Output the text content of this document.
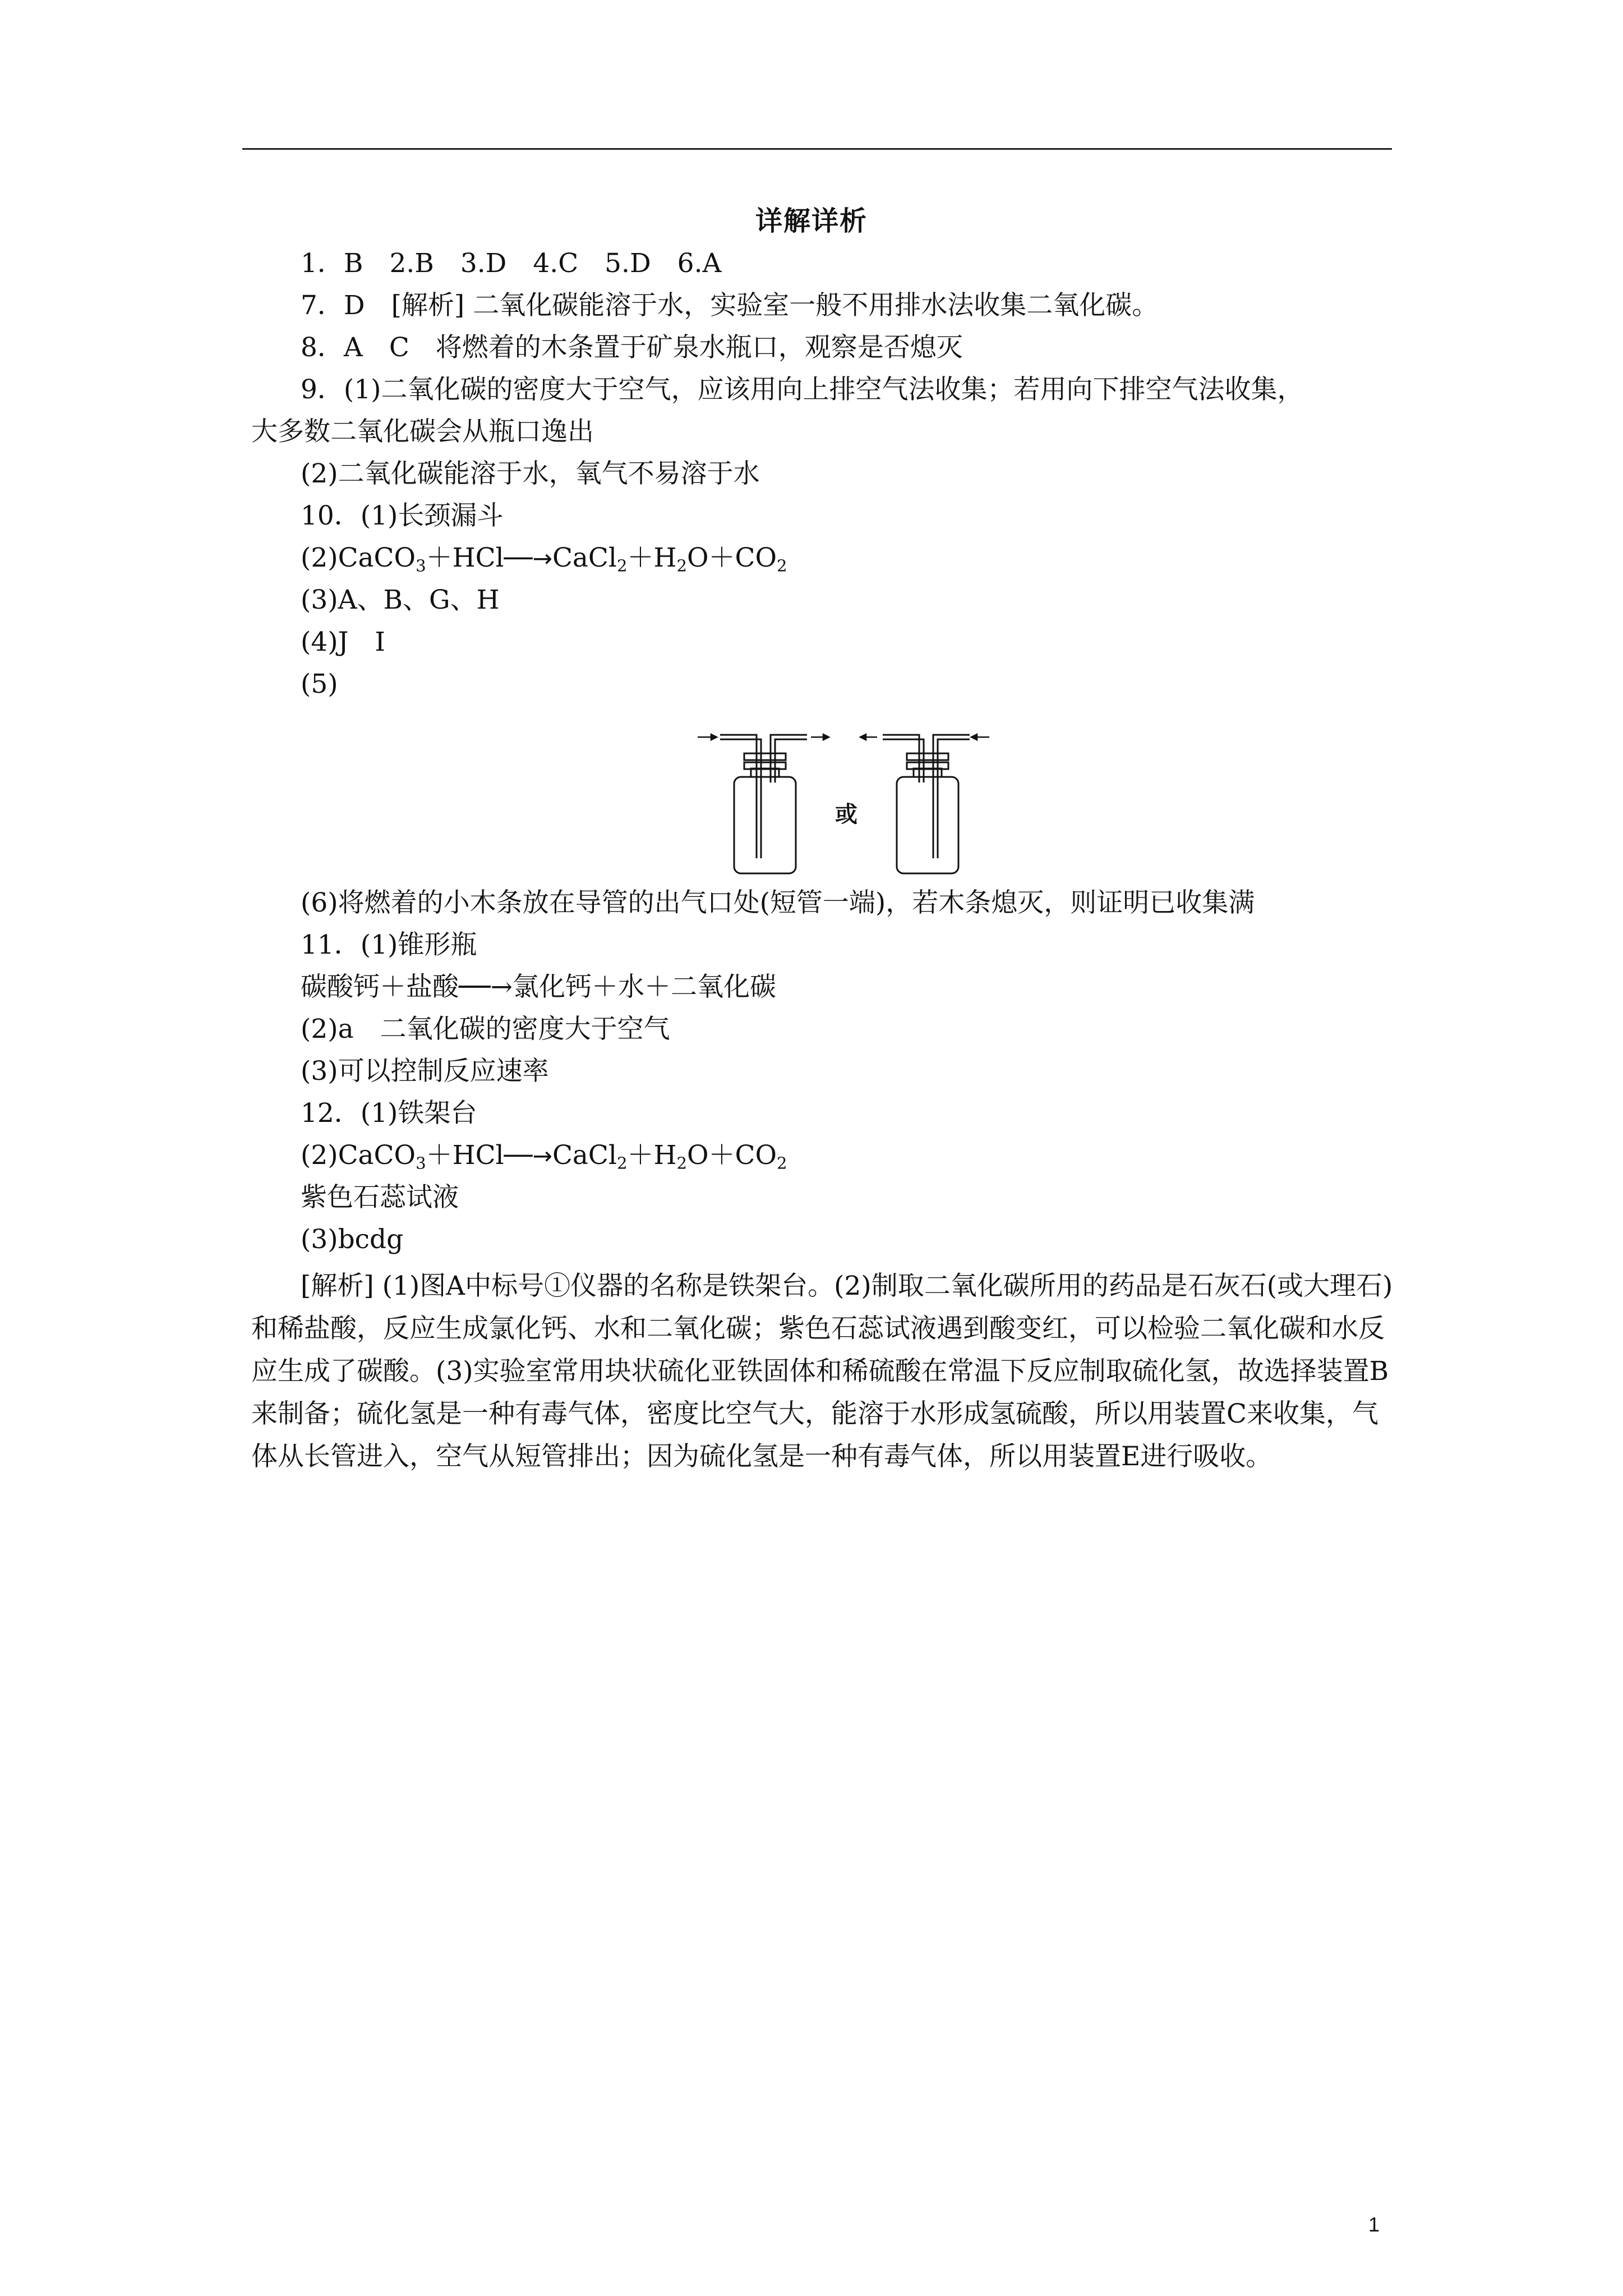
详解详析
1．B　2.B　3.D　4.C　5.D　6.A
7．D　[解析] 二氧化碳能溶于水，实验室一般不用排水法收集二氧化碳。
8．A　C　将燃着的木条置于矿泉水瓶口，观察是否熄灭
9．(1)二氧化碳的密度大于空气，应该用向上排空气法收集；若用向下排空气法收集，
大多数二氧化碳会从瓶口逸出
(2)二氧化碳能溶于水，氧气不易溶于水
10．(1)长颈漏斗
$(2)CaCO_3+HCl──\to CaCl_2+H_2O+CO_2$
(3)A、B、G、H
(4)J　I
(5)
或
(6)将燃着的小木条放在导管的出气口处(短管一端)，若木条熄灭，则证明已收集满
11．(1)锥形瓶
碳酸钙＋盐酸──→氯化钙＋水＋二氧化碳
(2)a　二氧化碳的密度大于空气
(3)可以控制反应速率
12．(1)铁架台
$(2)CaCO_3+HCl──\to CaCl_2+H_2O+CO_2$
紫色石蕊试液
(3)bcdg
[解析] (1)图A中标号①仪器的名称是铁架台。(2)制取二氧化碳所用的药品是石灰石(或大理石)和稀盐酸，反应生成氯化钙、水和二氧化碳；紫色石蕊试液遇到酸变红，可以检验二氧化碳和水反应生成了碳酸。(3)实验室常用块状硫化亚铁固体和稀硫酸在常温下反应制取硫化氢，故选择装置B来制备；硫化氢是一种有毒气体，密度比空气大，能溶于水形成氢硫酸，所以用装置C来收集，气体从长管进入，空气从短管排出；因为硫化氢是一种有毒气体，所以用装置E进行吸收。
1
